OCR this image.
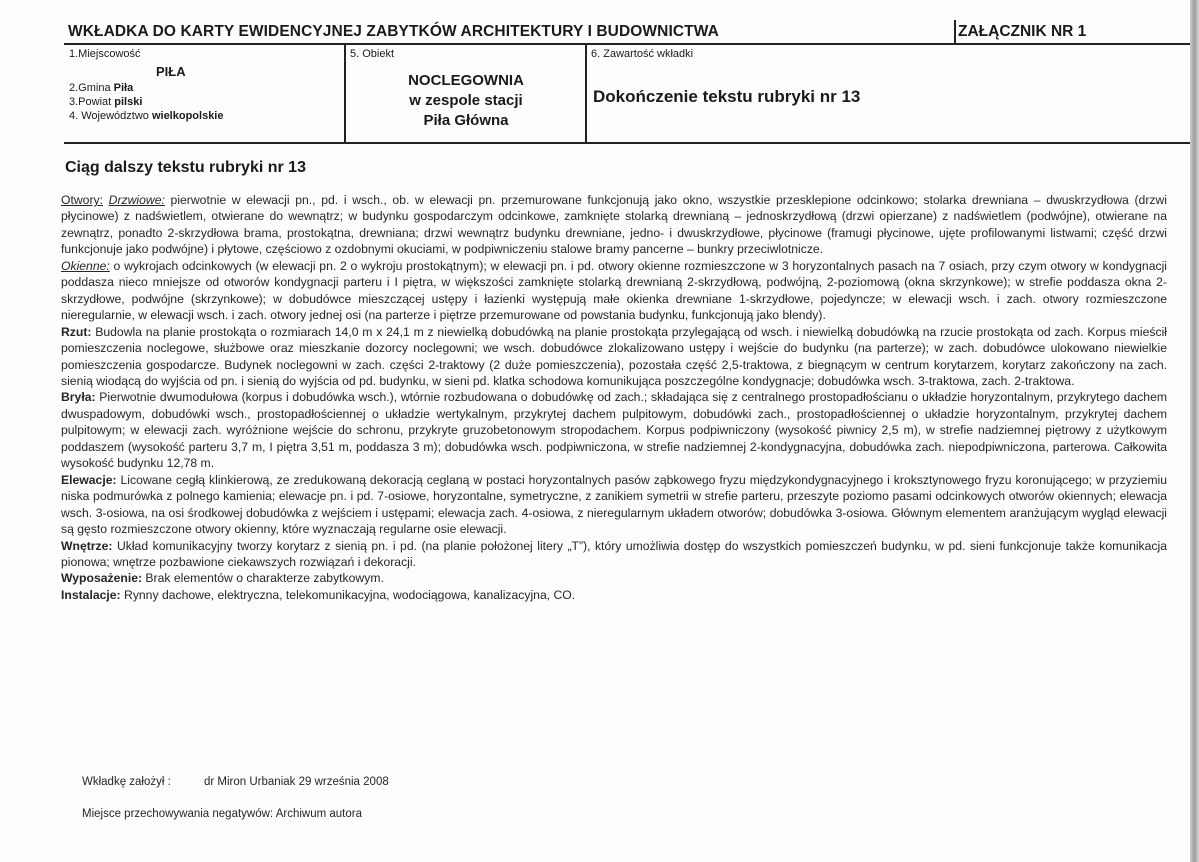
WKŁADKA DO KARTY EWIDENCYJNEJ ZABYTKÓW ARCHITEKTURY I BUDOWNICTWA	ZAŁĄCZNIK NR 1
1.Miejscowość
PIŁA
2.Gmina Piła
3.Powiat pilski
4. Województwo wielkopolskie
5. Obiekt
NOCLEGOWNIA
w zespole stacji
Piła Główna
6. Zawartość wkładki
Dokończenie tekstu rubryki nr 13
Ciąg dalszy tekstu rubryki nr 13

Otwory: Drzwiowe: pierwotnie w elewacji pn., pd. i wsch., ob. w elewacji pn. przemurowane funkcjonują jako okno, wszystkie przesklepione odcinkowo; stolarka drewniana – dwuskrzydłowa (drzwi płycinowe) z nadświetlem, otwierane do wewnątrz; w budynku gospodarczym odcinkowe, zamknięte stolarką drewnianą – jednoskrzydłową (drzwi opierzane) z nadświetlem (podwójne), otwierane na zewnątrz, ponadto 2-skrzydłowa brama, prostokątna, drewniana; drzwi wewnątrz budynku drewniane, jedno- i dwuskrzydłowe, płycinowe (framugi płycinowe, ujęte profilowanymi listwami; część drzwi funkcjonuje jako podwójne) i płytowe, częściowo z ozdobnymi okuciami, w podpiwniczeniu stalowe bramy pancerne – bunkry przeciwlotnicze.

Okienne: o wykrojach odcinkowych (w elewacji pn. 2 o wykroju prostokątnym); w elewacji pn. i pd. otwory okienne rozmieszczone w 3 horyzontalnych pasach na 7 osiach, przy czym otwory w kondygnacji poddasza nieco mniejsze od otworów kondygnacji parteru i I piętra, w większości zamknięte stolarką drewnianą 2-skrzydłową, podwójną, 2-poziomową (okna skrzynkowe); w strefie poddasza okna 2-skrzydłowe, podwójne (skrzynkowe); w dobudówce mieszczącej ustępy i łazienki występują małe okienka drewniane 1-skrzydłowe, pojedyncze; w elewacji wsch. i zach. otwory rozmieszczone nieregularnie, w elewacji wsch. i zach. otwory jednej osi (na parterze i piętrze przemurowane od powstania budynku, funkcjonują jako blendy).

Rzut: Budowla na planie prostokąta o rozmiarach 14,0 m x 24,1 m z niewielką dobudówką na planie prostokąta przylegającą od wsch. i niewielką dobudówką na rzucie prostokąta od zach. Korpus mieścił pomieszczenia noclegowe, służbowe oraz mieszkanie dozorcy noclegowni; we wsch. dobudówce zlokalizowano ustępy i wejście do budynku (na parterze); w zach. dobudówce ulokowano niewielkie pomieszczenia gospodarcze. Budynek noclegowni w zach. części 2-traktowy (2 duże pomieszczenia), pozostała część 2,5-traktowa, z biegnącym w centrum korytarzem, korytarz zakończony na zach. sienią wiodącą do wyjścia od pn. i sienią do wyjścia od pd. budynku, w sieni pd. klatka schodowa komunikująca poszczególne kondygnacje; dobudówka wsch. 3-traktowa, zach. 2-traktowa.

Bryła: Pierwotnie dwumodułowa (korpus i dobudówka wsch.), wtórnie rozbudowana o dobudówkę od zach.; składająca się z centralnego prostopadłościanu o układzie horyzontalnym, przykrytego dachem dwuspadowym, dobudówki wsch., prostopadłościennej o układzie wertykalnym, przykrytej dachem pulpitowym, dobudówki zach., prostopadłościennej o układzie horyzontalnym, przykrytej dachem pulpitowym; w elewacji zach. wyróżnione wejście do schronu, przykryte gruzobetonowym stropodachem. Korpus podpiwniczony (wysokość piwnicy 2,5 m), w strefie nadziemnej piętrowy z użytkowym poddaszem (wysokość parteru 3,7 m, I piętra 3,51 m, poddasza 3 m); dobudówka wsch. podpiwniczona, w strefie nadziemnej 2-kondygnacyjna, dobudówka zach. niepodpiwniczona, parterowa. Całkowita wysokość budynku 12,78 m.

Elewacje: Licowane cegłą klinkierową, ze zredukowaną dekoracją ceglaną w postaci horyzontalnych pasów ząbkowego fryzu międzykondygnacyjnego i kroksztynowego fryzu koronującego; w przyziemiu niska podmurówka z polnego kamienia; elewacje pn. i pd. 7-osiowe, horyzontalne, symetryczne, z zanikiem symetrii w strefie parteru, przeszyte poziomo pasami odcinkowych otworów okiennych; elewacja wsch. 3-osiowa, na osi środkowej dobudówka z wejściem i ustępami; elewacja zach. 4-osiowa, z nieregularnym układem otworów; dobudówka 3-osiowa. Głównym elementem aranżującym wygląd elewacji są gęsto rozmieszczone otwory okienny, które wyznaczają regularne osie elewacji.

Wnętrze: Układ komunikacyjny tworzy korytarz z sienią pn. i pd. (na planie położonej litery „T”), który umożliwia dostęp do wszystkich pomieszczeń budynku, w pd. sieni funkcjonuje także komunikacja pionowa; wnętrze pozbawione ciekawszych rozwiązań i dekoracji.

Wyposażenie: Brak elementów o charakterze zabytkowym.

Instalacje: Rynny dachowe, elektryczna, telekomunikacyjna, wodociągowa, kanalizacyjna, CO.

Wkładkę założył :	dr Miron Urbaniak 29 września 2008
Miejsce przechowywania negatywów: Archiwum autora
